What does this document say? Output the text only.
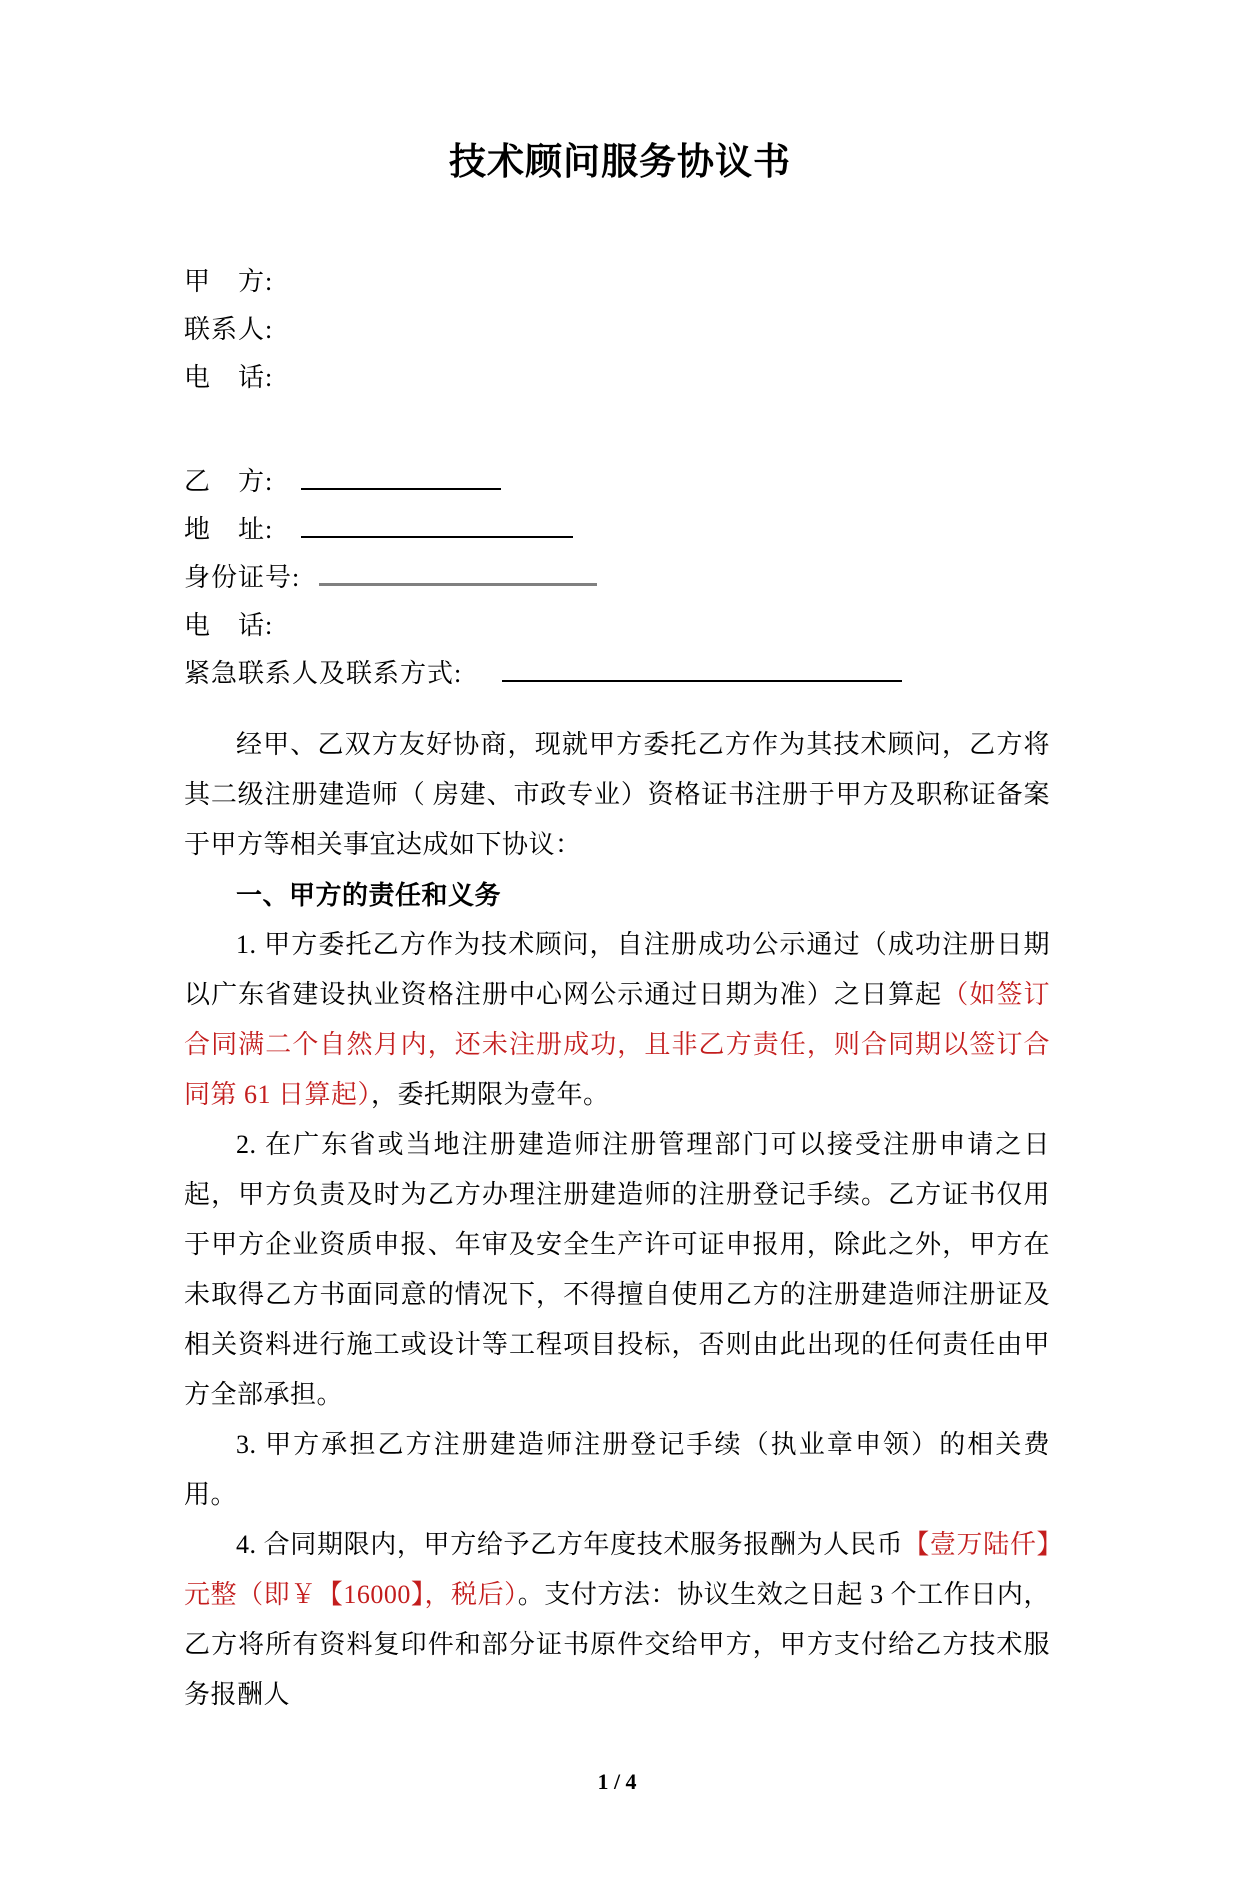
技术顾问服务协议书
甲　方:
联系人:
电　话:
乙　方:
地　址:
身份证号:
电　话:
紧急联系人及联系方式:

经甲、乙双方友好协商，现就甲方委托乙方作为其技术顾问，乙方将其二级注册建造师（ 房建、市政专业）资格证书注册于甲方及职称证备案于甲方等相关事宜达成如下协议：

一、甲方的责任和义务

1. 甲方委托乙方作为技术顾问，自注册成功公示通过（成功注册日期以广东省建设执业资格注册中心网公示通过日期为准）之日算起（如签订合同满二个自然月内，还未注册成功，且非乙方责任，则合同期以签订合同第 61 日算起），委托期限为壹年。

2. 在广东省或当地注册建造师注册管理部门可以接受注册申请之日起，甲方负责及时为乙方办理注册建造师的注册登记手续。乙方证书仅用于甲方企业资质申报、年审及安全生产许可证申报用，除此之外，甲方在未取得乙方书面同意的情况下，不得擅自使用乙方的注册建造师注册证及相关资料进行施工或设计等工程项目投标，否则由此出现的任何责任由甲方全部承担。

3. 甲方承担乙方注册建造师注册登记手续（执业章申领）的相关费用。

4. 合同期限内，甲方给予乙方年度技术服务报酬为人民币【壹万陆仟】元整（即￥【16000】，税后）。支付方法：协议生效之日起 3 个工作日内，乙方将所有资料复印件和部分证书原件交给甲方，甲方支付给乙方技术服务报酬人

1 / 4
